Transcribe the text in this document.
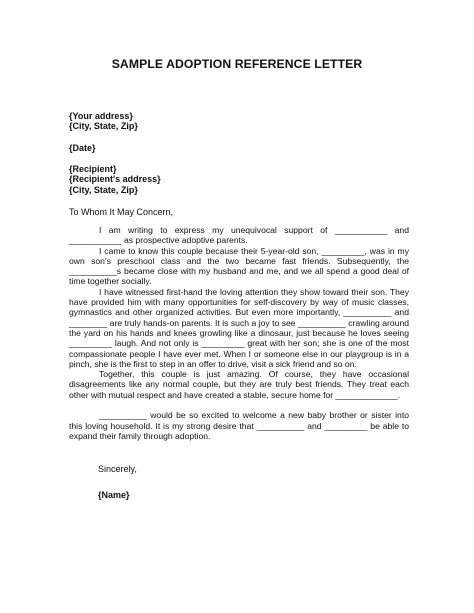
SAMPLE ADOPTION REFERENCE LETTER
{Your address}
{City, State, Zip}
{Date}
{Recipient}
{Recipient's address}
{City, State, Zip}
To Whom It May Concern,

I am writing to express my unequivocal support of ___________ and ___________ as prospective adoptive parents.

I came to know this couple because their 5-year-old son, _________, was in my own son's preschool class and the two became fast friends. Subsequently, the __________s became close with my husband and me, and we all spend a good deal of time together socially.

I have witnessed first-hand the loving attention they show toward their son. They have provided him with many opportunities for self-discovery by way of music classes, gymnastics and other organized activities. But even more importantly, __________ and ________ are truly hands-on parents. It is such a joy to see __________ crawling around the yard on his hands and knees growling like a dinosaur, just because he loves seeing _________ laugh. And not only is _________ great with her son; she is one of the most compassionate people I have ever met. When I or someone else in our playgroup is in a pinch, she is the first to step in an offer to drive, visit a sick friend and so on.

Together, this couple is just amazing. Of course, they have occasional disagreements like any normal couple, but they are truly best friends. They treat each other with mutual respect and have created a stable, secure home for _____________.

__________ would be so excited to welcome a new baby brother or sister into this loving household. It is my strong desire that __________ and _________ be able to expand their family through adoption.

Sincerely,
{Name}
